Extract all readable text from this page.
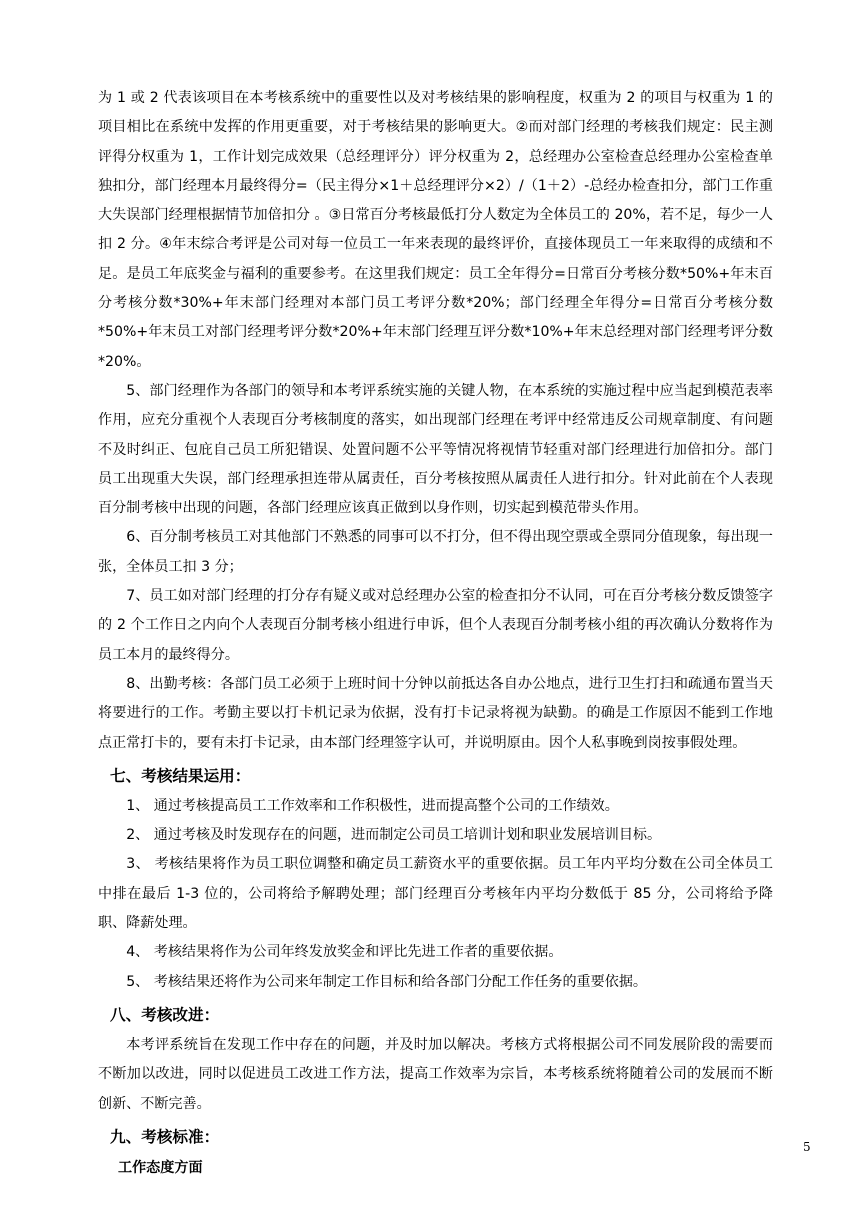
为 1 或 2 代表该项目在本考核系统中的重要性以及对考核结果的影响程度，权重为 2 的项目与权重为 1 的项目相比在系统中发挥的作用更重要，对于考核结果的影响更大。②而对部门经理的考核我们规定：民主测评得分权重为 1，工作计划完成效果（总经理评分）评分权重为 2，总经理办公室检查总经理办公室检查单独扣分，部门经理本月最终得分=（民主得分×1＋总经理评分×2）/（1＋2）-总经办检查扣分，部门工作重大失误部门经理根据情节加倍扣分 。③日常百分考核最低打分人数定为全体员工的 20%，若不足，每少一人扣 2 分。④年末综合考评是公司对每一位员工一年来表现的最终评价，直接体现员工一年来取得的成绩和不足。是员工年底奖金与福利的重要参考。在这里我们规定：员工全年得分=日常百分考核分数*50%+年末百分考核分数*30%+年末部门经理对本部门员工考评分数*20%；部门经理全年得分=日常百分考核分数*50%+年末员工对部门经理考评分数*20%+年末部门经理互评分数*10%+年末总经理对部门经理考评分数*20%。

5、部门经理作为各部门的领导和本考评系统实施的关键人物，在本系统的实施过程中应当起到模范表率作用，应充分重视个人表现百分考核制度的落实，如出现部门经理在考评中经常违反公司规章制度、有问题不及时纠正、包庇自己员工所犯错误、处置问题不公平等情况将视情节轻重对部门经理进行加倍扣分。部门员工出现重大失误，部门经理承担连带从属责任，百分考核按照从属责任人进行扣分。针对此前在个人表现百分制考核中出现的问题，各部门经理应该真正做到以身作则，切实起到模范带头作用。

6、百分制考核员工对其他部门不熟悉的同事可以不打分，但不得出现空票或全票同分值现象，每出现一张，全体员工扣 3 分；

7、员工如对部门经理的打分存有疑义或对总经理办公室的检查扣分不认同，可在百分考核分数反馈签字的 2 个工作日之内向个人表现百分制考核小组进行申诉，但个人表现百分制考核小组的再次确认分数将作为员工本月的最终得分。

8、出勤考核：各部门员工必须于上班时间十分钟以前抵达各自办公地点，进行卫生打扫和疏通布置当天将要进行的工作。考勤主要以打卡机记录为依据，没有打卡记录将视为缺勤。的确是工作原因不能到工作地点正常打卡的，要有未打卡记录，由本部门经理签字认可，并说明原由。因个人私事晚到岗按事假处理。

七、考核结果运用：

1、 通过考核提高员工工作效率和工作积极性，进而提高整个公司的工作绩效。

2、 通过考核及时发现存在的问题，进而制定公司员工培训计划和职业发展培训目标。

3、 考核结果将作为员工职位调整和确定员工薪资水平的重要依据。员工年内平均分数在公司全体员工中排在最后 1-3 位的，公司将给予解聘处理；部门经理百分考核年内平均分数低于 85 分，公司将给予降职、降薪处理。

4、 考核结果将作为公司年终发放奖金和评比先进工作者的重要依据。

5、 考核结果还将作为公司来年制定工作目标和给各部门分配工作任务的重要依据。

八、考核改进：

本考评系统旨在发现工作中存在的问题，并及时加以解决。考核方式将根据公司不同发展阶段的需要而不断加以改进，同时以促进员工改进工作方法，提高工作效率为宗旨，本考核系统将随着公司的发展而不断创新、不断完善。

九、考核标准：
工作态度方面
5
